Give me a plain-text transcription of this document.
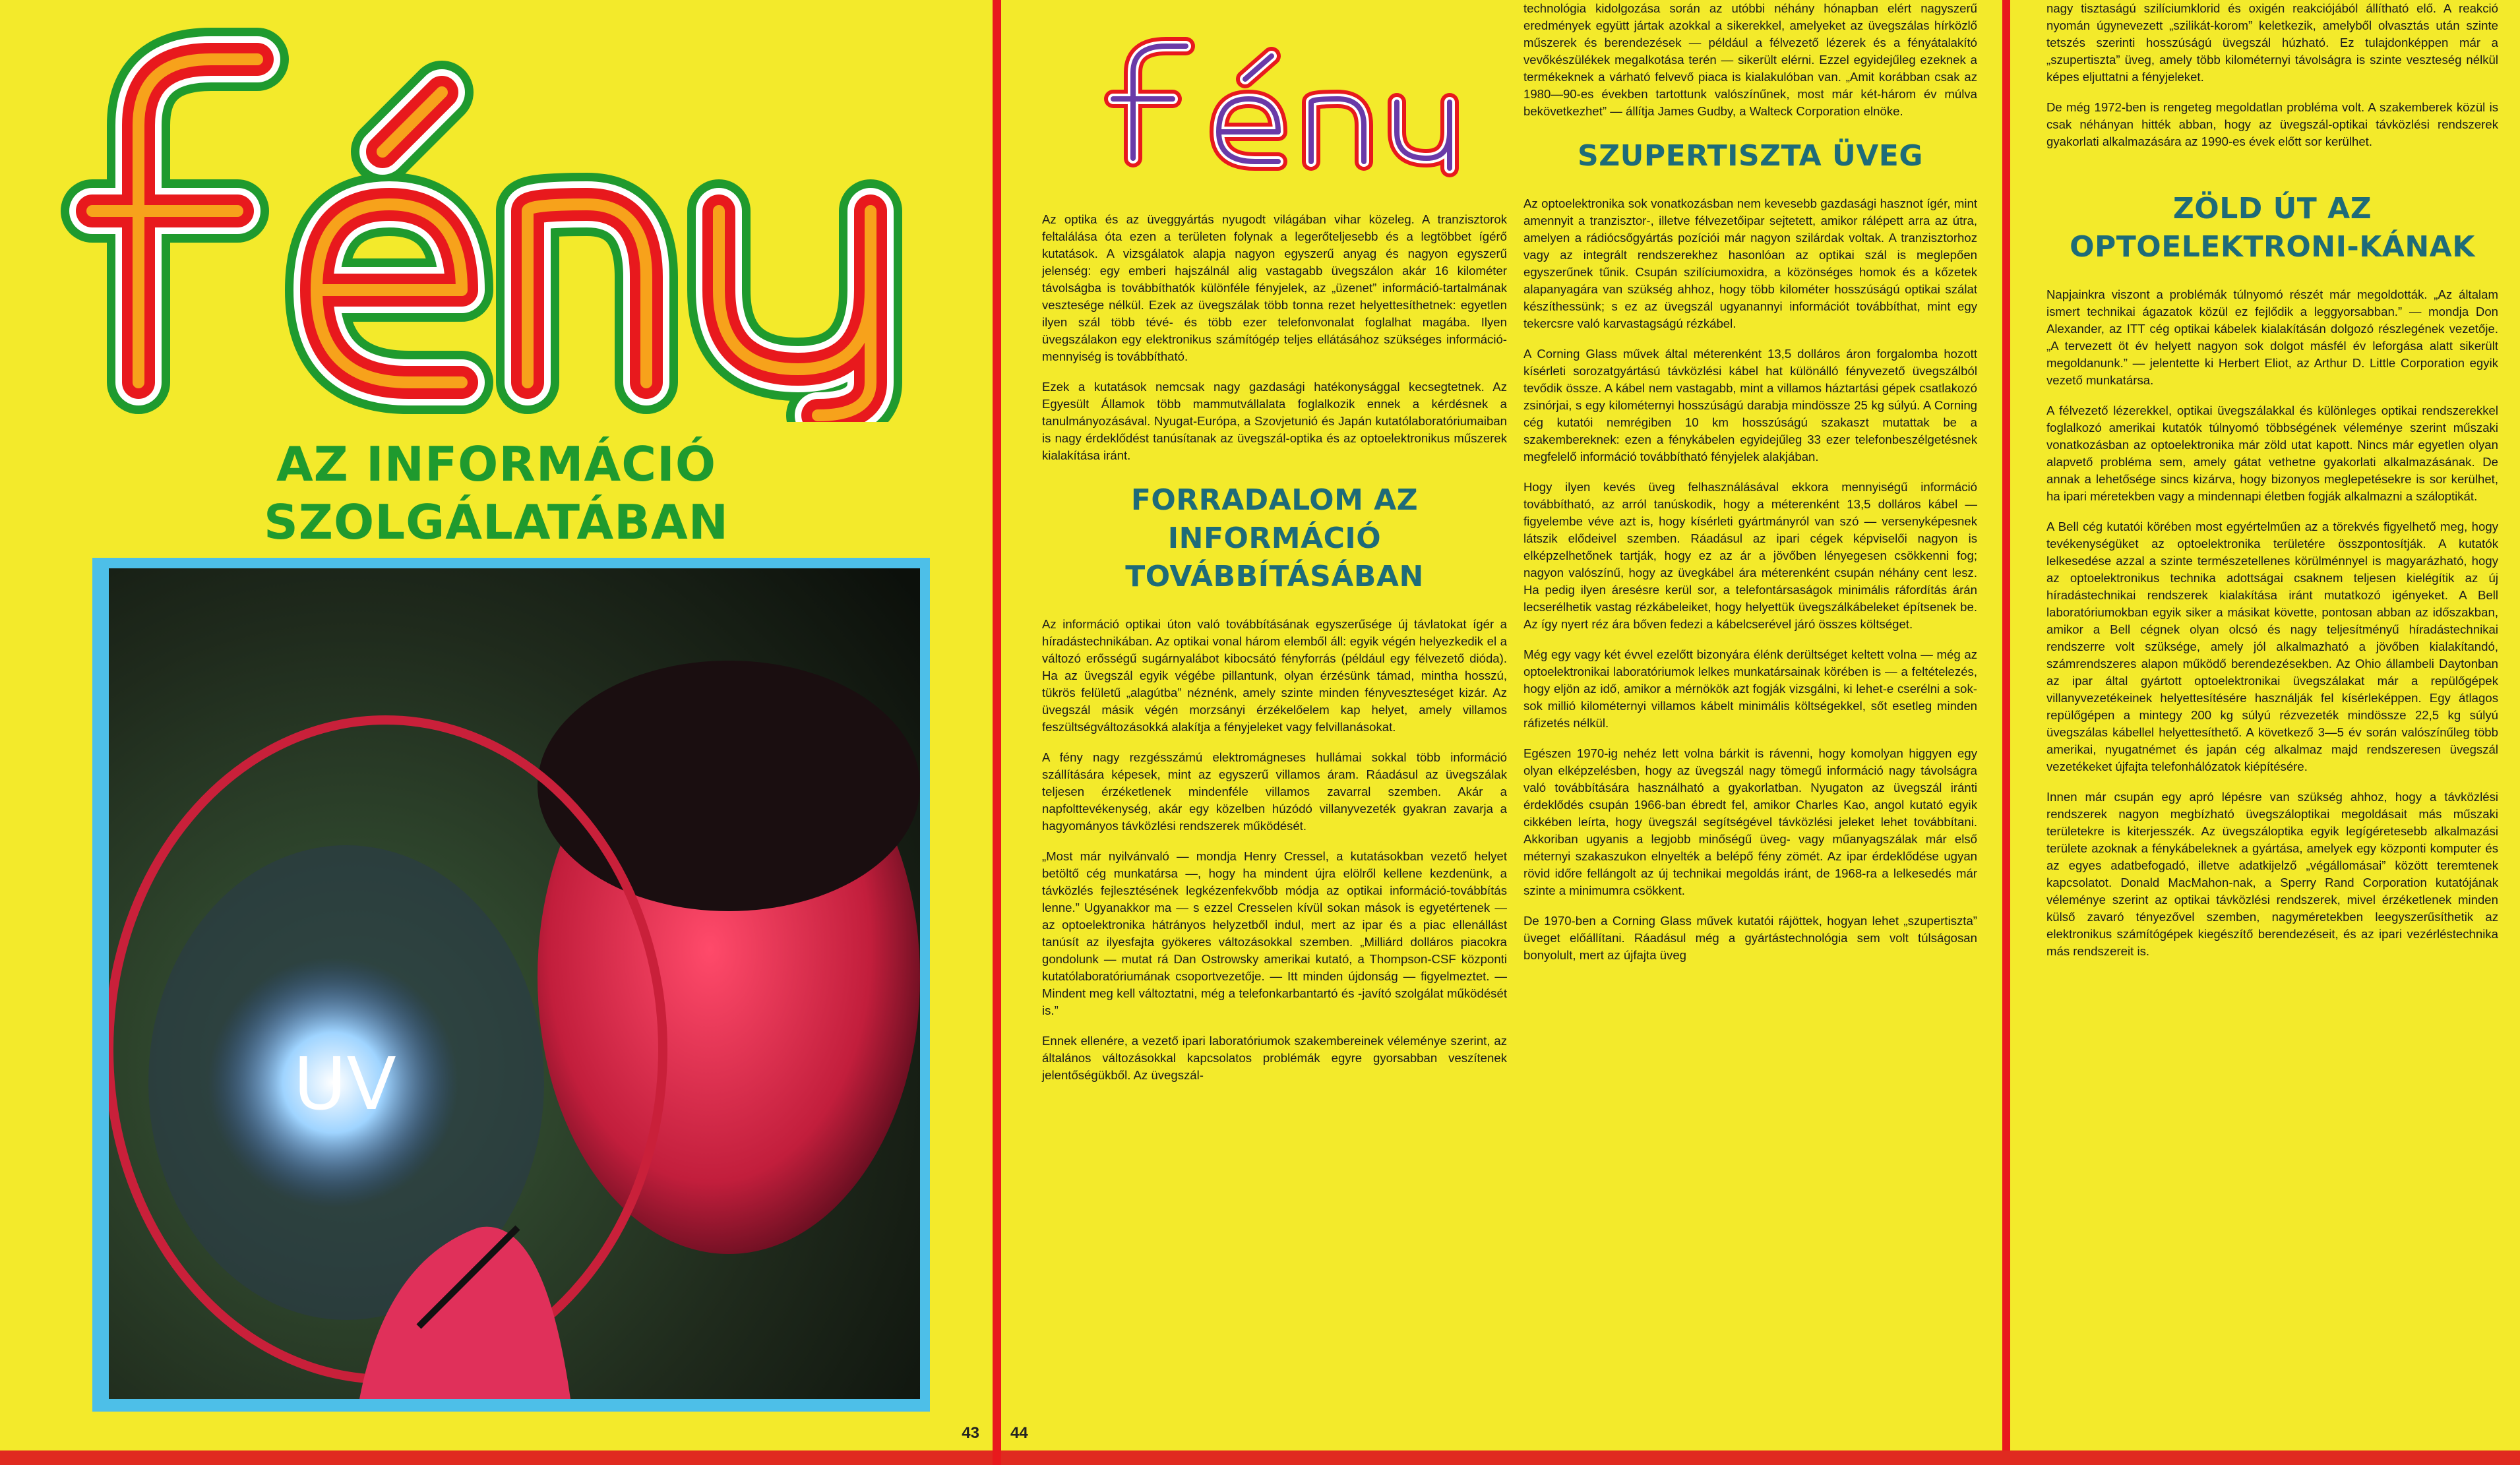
Fény
AZ INFORMÁCIÓ
SZOLGÁLATÁBAN
UV
43
Fény

Az optika és az üveggyártás nyugodt világában vihar közeleg. A tranzisztorok feltalálása óta ezen a területen folynak a legerőteljesebb és a legtöbbet ígérő kutatások. A vizsgálatok alapja nagyon egyszerű anyag és nagyon egyszerű jelenség: egy emberi hajszálnál alig vastagabb üvegszálon akár 16 kilométer távolságba is továbbíthatók különféle fényjelek, az „üzenet” információ-tartalmának vesztesége nélkül. Ezek az üvegszálak több tonna rezet helyettesíthetnek: egyetlen ilyen szál több tévé- és több ezer telefonvonalat foglalhat magába. Ilyen üvegszálakon egy elektronikus számítógép teljes ellátásához szükséges információ-mennyiség is továbbítható.

Ezek a kutatások nemcsak nagy gazdasági hatékonysággal kecsegtetnek. Az Egyesült Államok több mammutvállalata foglalkozik ennek a kérdésnek a tanulmányozásával. Nyugat-Európa, a Szovjetunió és Japán kutatólaboratóriumaiban is nagy érdeklődést tanúsítanak az üvegszál-optika és az optoelektronikus műszerek kialakítása iránt.

FORRADALOM AZ INFORMÁCIÓ TOVÁBBÍTÁSÁBAN

Az információ optikai úton való továbbításának egyszerűsége új távlatokat ígér a híradástechnikában. Az optikai vonal három elemből áll: egyik végén helyezkedik el a változó erősségű sugárnyalábot kibocsátó fényforrás (például egy félvezető dióda). Ha az üvegszál egyik végébe pillantunk, olyan érzésünk támad, mintha hosszú, tükrös felületű „alagútba” néznénk, amely szinte minden fényveszteséget kizár. Az üvegszál másik végén morzsányi érzékelőelem kap helyet, amely villamos feszültségváltozásokká alakítja a fényjeleket vagy felvillanásokat.

A fény nagy rezgésszámú elektromágneses hullámai sokkal több információ szállítására képesek, mint az egyszerű villamos áram. Ráadásul az üvegszálak teljesen érzéketlenek mindenféle villamos zavarral szemben. Akár a napfolttevékenység, akár egy közelben húzódó villanyvezeték gyakran zavarja a hagyományos távközlési rendszerek működését.

„Most már nyilvánvaló — mondja Henry Cressel, a kutatásokban vezető helyet betöltő cég munkatársa —, hogy ha mindent újra elölről kellene kezdenünk, a távközlés fejlesztésének legkézenfekvőbb módja az optikai információ-továbbítás lenne.” Ugyanakkor ma — s ezzel Cresselen kívül sokan mások is egyetértenek — az optoelektronika hátrányos helyzetből indul, mert az ipar és a piac ellenállást tanúsít az ilyesfajta gyökeres változásokkal szemben. „Milliárd dolláros piacokra gondolunk — mutat rá Dan Ostrowsky amerikai kutató, a Thompson-CSF központi kutatólaboratóriumának csoportvezetője. — Itt minden újdonság — figyelmeztet. — Mindent meg kell változtatni, még a telefonkarbantartó és -javító szolgálat működését is.”

Ennek ellenére, a vezető ipari laboratóriumok szakembereinek véleménye szerint, az általános változásokkal kapcsolatos problémák egyre gyorsabban veszítenek jelentőségükből. Az üvegszál-

technológia kidolgozása során az utóbbi néhány hónapban elért nagyszerű eredmények együtt jártak azokkal a sikerekkel, amelyeket az üvegszálas hírközlő műszerek és berendezések — például a félvezető lézerek és a fényátalakító vevőkészülékek megalkotása terén — sikerült elérni. Ezzel egyidejűleg ezeknek a termékeknek a várható felvevő piaca is kialakulóban van. „Amit korábban csak az 1980—90-es években tartottunk valószínűnek, most már két-három év múlva bekövetkezhet” — állítja James Gudby, a Walteck Corporation elnöke.

SZUPERTISZTA ÜVEG

Az optoelektronika sok vonatkozásban nem kevesebb gazdasági hasznot ígér, mint amennyit a tranzisztor-, illetve félvezetőipar sejtetett, amikor rálépett arra az útra, amelyen a rádiócsőgyártás pozíciói már nagyon szilárdak voltak. A tranzisztorhoz vagy az integrált rendszerekhez hasonlóan az optikai szál is meglepően egyszerűnek tűnik. Csupán szilíciumoxidra, a közönséges homok és a kőzetek alapanyagára van szükség ahhoz, hogy több kilométer hosszúságú optikai szálat készíthessünk; s ez az üvegszál ugyanannyi információt továbbíthat, mint egy tekercsre való karvastagságú rézkábel.

A Corning Glass művek által méterenként 13,5 dolláros áron forgalomba hozott kísérleti sorozatgyártású távközlési kábel hat különálló fényvezető üvegszálból tevődik össze. A kábel nem vastagabb, mint a villamos háztartási gépek csatlakozó zsinórjai, s egy kilométernyi hosszúságú darabja mindössze 25 kg súlyú. A Corning cég kutatói nemrégiben 10 km hosszúságú szakaszt mutattak be a szakembereknek: ezen a fénykábelen egyidejűleg 33 ezer telefonbeszélgetésnek megfelelő információ továbbítható fényjelek alakjában.

Hogy ilyen kevés üveg felhasználásával ekkora mennyiségű információ továbbítható, az arról tanúskodik, hogy a méterenként 13,5 dolláros kábel — figyelembe véve azt is, hogy kísérleti gyártmányról van szó — versenyképesnek látszik elődeivel szemben. Ráadásul az ipari cégek képviselői nagyon is elképzelhetőnek tartják, hogy ez az ár a jövőben lényegesen csökkenni fog; nagyon valószínű, hogy az üvegkábel ára méterenként csupán néhány cent lesz. Ha pedig ilyen áresésre kerül sor, a telefontársaságok minimális ráfordítás árán lecserélhetik vastag rézkábeleiket, hogy helyettük üvegszálkábeleket építsenek be. Az így nyert réz ára bőven fedezi a kábelcserével járó összes költséget.

Még egy vagy két évvel ezelőtt bizonyára élénk derültséget keltett volna — még az optoelektronikai laboratóriumok lelkes munkatársainak körében is — a feltételezés, hogy eljön az idő, amikor a mérnökök azt fogják vizsgálni, ki lehet-e cserélni a sok-sok millió kilométernyi villamos kábelt minimális költségekkel, sőt esetleg minden ráfizetés nélkül.

Egészen 1970-ig nehéz lett volna bárkit is rávenni, hogy komolyan higgyen egy olyan elképzelésben, hogy az üvegszál nagy tömegű információ nagy távolságra való továbbítására használható a gyakorlatban. Nyugaton az üvegszál iránti érdeklődés csupán 1966-ban ébredt fel, amikor Charles Kao, angol kutató egyik cikkében leírta, hogy üvegszál segítségével távközlési jeleket lehet továbbítani. Akkoriban ugyanis a legjobb minőségű üveg- vagy műanyagszálak már első méternyi szakaszukon elnyelték a belépő fény zömét. Az ipar érdeklődése ugyan rövid időre fellángolt az új technikai megoldás iránt, de 1968-ra a lelkesedés már szinte a minimumra csökkent.

De 1970-ben a Corning Glass művek kutatói rájöttek, hogyan lehet „szupertiszta” üveget előállítani. Ráadásul még a gyártástechnológia sem volt túlságosan bonyolult, mert az újfajta üveg

nagy tisztaságú szilíciumklorid és oxigén reakciójából állítható elő. A reakció nyomán úgynevezett „szilikát-korom” keletkezik, amelyből olvasztás után szinte tetszés szerinti hosszúságú üvegszál húzható. Ez tulajdonképpen már a „szupertiszta” üveg, amely több kilométernyi távolságra is szinte veszteség nélkül képes eljuttatni a fényjeleket.

De még 1972-ben is rengeteg megoldatlan probléma volt. A szakemberek közül is csak néhányan hitték abban, hogy az üvegszál-optikai távközlési rendszerek gyakorlati alkalmazására az 1990-es évek előtt sor kerülhet.

ZÖLD ÚT AZ OPTOELEKTRONI-KÁNAK

Napjainkra viszont a problémák túlnyomó részét már megoldották. „Az általam ismert technikai ágazatok közül ez fejlődik a leggyorsabban.” — mondja Don Alexander, az ITT cég optikai kábelek kialakításán dolgozó részlegének vezetője. „A tervezett öt év helyett nagyon sok dolgot másfél év leforgása alatt sikerült megoldanunk.” — jelentette ki Herbert Eliot, az Arthur D. Little Corporation egyik vezető munkatársa.

A félvezető lézerekkel, optikai üvegszálakkal és különleges optikai rendszerekkel foglalkozó amerikai kutatók túlnyomó többségének véleménye szerint műszaki vonatkozásban az optoelektronika már zöld utat kapott. Nincs már egyetlen olyan alapvető probléma sem, amely gátat vethetne gyakorlati alkalmazásának. De annak a lehetősége sincs kizárva, hogy bizonyos meglepetésekre is sor kerülhet, ha ipari méretekben vagy a mindennapi életben fogják alkalmazni a száloptikát.

A Bell cég kutatói körében most egyértelműen az a törekvés figyelhető meg, hogy tevékenységüket az optoelektronika területére összpontosítják. A kutatók lelkesedése azzal a szinte természetellenes körülménnyel is magyarázható, hogy az optoelektronikus technika adottságai csaknem teljesen kielégítik az új híradástechnikai rendszerek kialakítása iránt mutatkozó igényeket. A Bell laboratóriumokban egyik siker a másikat követte, pontosan abban az időszakban, amikor a Bell cégnek olyan olcsó és nagy teljesítményű híradástechnikai rendszerre volt szüksége, amely jól alkalmazható a jövőben kialakítandó, számrendszeres alapon működő berendezésekben. Az Ohio állambeli Daytonban az ipar által gyártott optoelektronikai üvegszálakat már a repülőgépek villanyvezetékeinek helyettesítésére használják fel kísérleképpen. Egy átlagos repülőgépen a mintegy 200 kg súlyú rézvezeték mindössze 22,5 kg súlyú üvegszálas kábellel helyettesíthető. A következő 3—5 év során valószínűleg több amerikai, nyugatnémet és japán cég alkalmaz majd rendszeresen üvegszál vezetékeket újfajta telefonhálózatok kiépítésére.

Innen már csupán egy apró lépésre van szükség ahhoz, hogy a távközlési rendszerek nagyon megbízható üvegszáloptikai megoldásait más műszaki területekre is kiterjesszék. Az üvegszáloptika egyik legígéretesebb alkalmazási területe azoknak a fénykábeleknek a gyártása, amelyek egy központi komputer és az egyes adatbefogadó, illetve adatkijelző „végállomásai” között teremtenek kapcsolatot. Donald MacMahon-nak, a Sperry Rand Corporation kutatójának véleménye szerint az optikai távközlési rendszerek, mivel érzéketlenek minden külső zavaró tényezővel szemben, nagyméretekben leegyszerűsíthetik az elektronikus számítógépek kiegészítő berendezéseit, és az ipari vezérléstechnika más rendszereit is.

44
